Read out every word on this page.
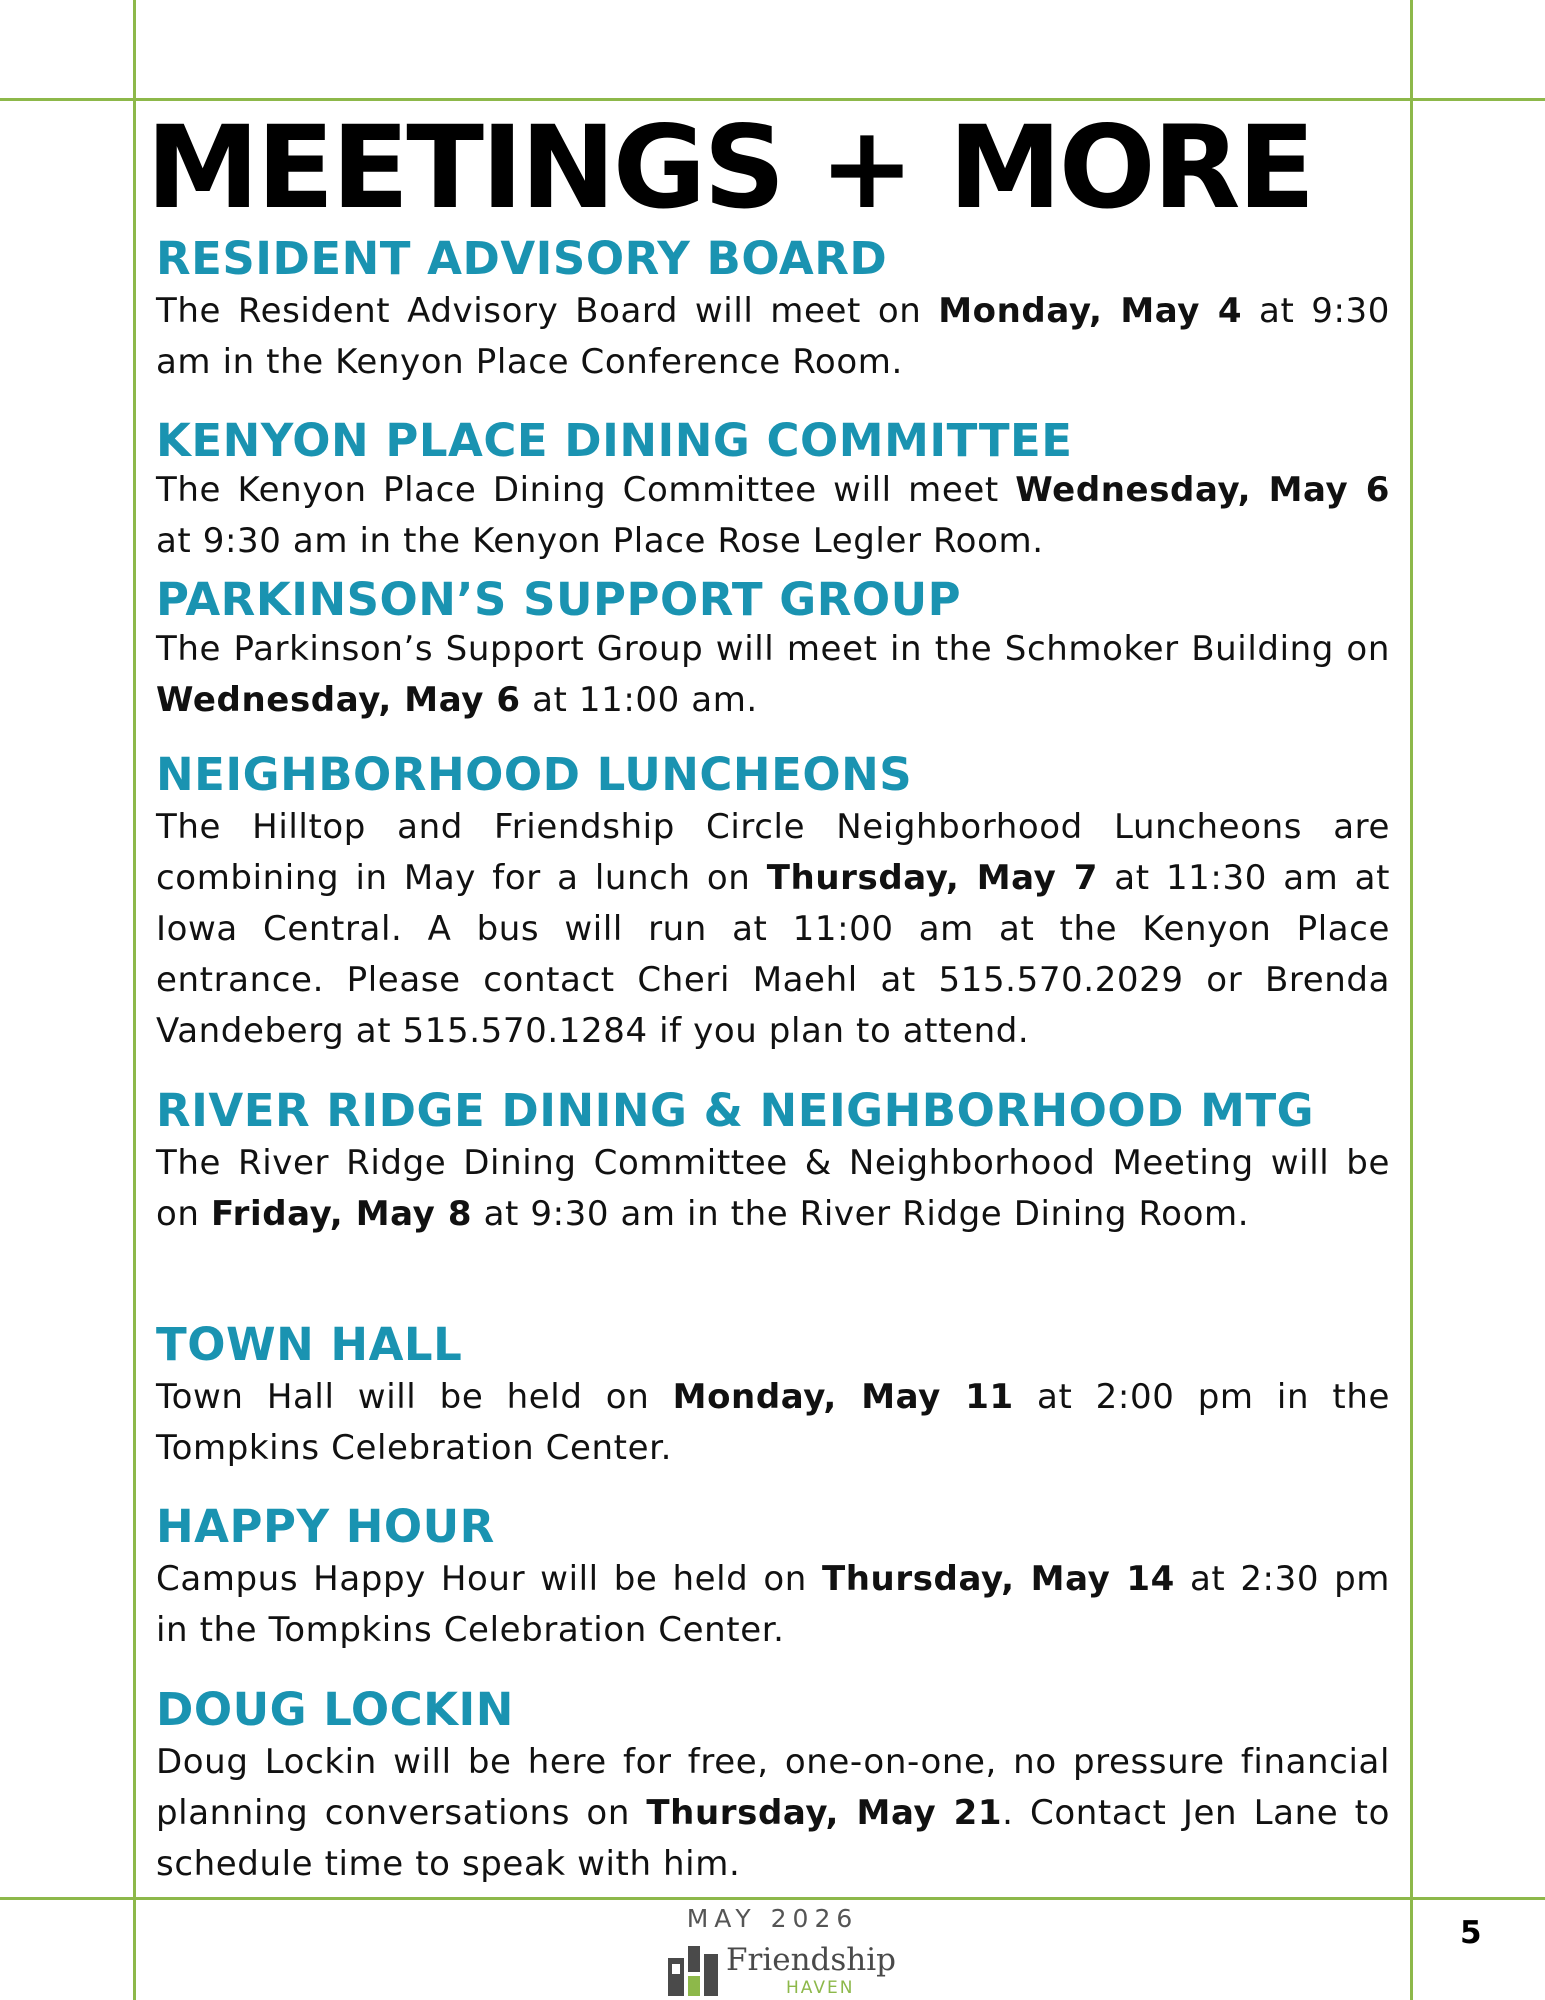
MEETINGS + MORE
RESIDENT ADVISORY BOARD

The Resident Advisory Board will meet on Monday, May 4 at 9:30 am in the Kenyon Place Conference Room.

KENYON PLACE DINING COMMITTEE

The Kenyon Place Dining Committee will meet Wednesday, May 6 at 9:30 am in the Kenyon Place Rose Legler Room.

PARKINSON’S SUPPORT GROUP

The Parkinson’s Support Group will meet in the Schmoker Building on Wednesday, May 6 at 11:00 am.

NEIGHBORHOOD LUNCHEONS

The Hilltop and Friendship Circle Neighborhood Luncheons are combining in May for a lunch on Thursday, May 7 at 11:30 am at Iowa Central. A bus will run at 11:00 am at the Kenyon Place entrance. Please contact Cheri Maehl at 515.570.2029 or Brenda Vandeberg at 515.570.1284 if you plan to attend.

RIVER RIDGE DINING & NEIGHBORHOOD MTG

The River Ridge Dining Committee & Neighborhood Meeting will be on Friday, May 8 at 9:30 am in the River Ridge Dining Room.

TOWN HALL

Town Hall will be held on Monday, May 11 at 2:00 pm in the Tompkins Celebration Center.

HAPPY HOUR

Campus Happy Hour will be held on Thursday, May 14 at 2:30 pm in the Tompkins Celebration Center.

DOUG LOCKIN

Doug Lockin will be here for free, one-on-one, no pressure financial planning conversations on Thursday, May 21. Contact Jen Lane to schedule time to speak with him.

MAY 2026
Friendship
HAVEN
5
